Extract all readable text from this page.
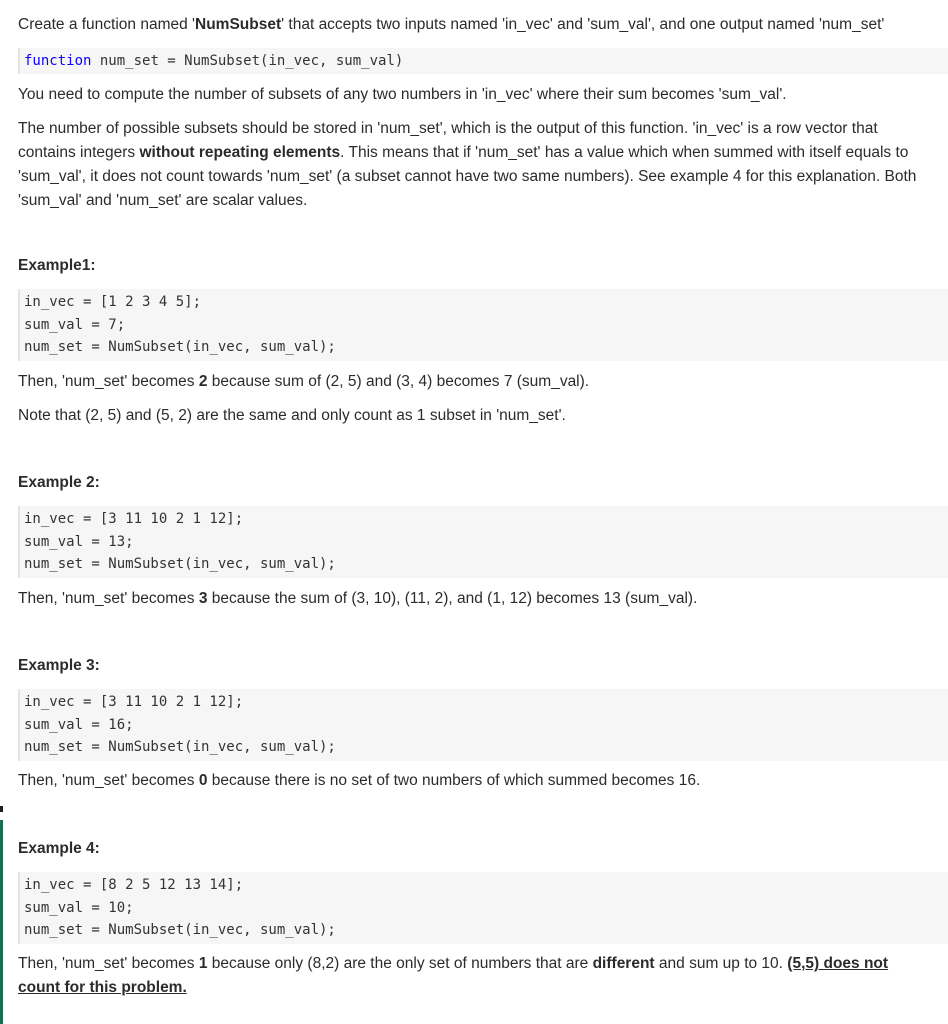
Create a function named 'NumSubset' that accepts two inputs named 'in_vec' and 'sum_val', and one output named 'num_set'
function num_set = NumSubset(in_vec, sum_val)
You need to compute the number of subsets of any two numbers in 'in_vec' where their sum becomes 'sum_val'.
The number of possible subsets should be stored in 'num_set', which is the output of this function. 'in_vec' is a row vector that contains integers without repeating elements. This means that if 'num_set' has a value which when summed with itself equals to 'sum_val', it does not count towards 'num_set' (a subset cannot have two same numbers). See example 4 for this explanation. Both 'sum_val' and 'num_set' are scalar values.
Example1:
in_vec = [1 2 3 4 5];
sum_val = 7;
num_set = NumSubset(in_vec, sum_val);
Then, 'num_set' becomes 2 because sum of (2, 5) and (3, 4) becomes 7 (sum_val).
Note that (2, 5) and (5, 2) are the same and only count as 1 subset in 'num_set'.
Example 2:
in_vec = [3 11 10 2 1 12];
sum_val = 13;
num_set = NumSubset(in_vec, sum_val);
Then, 'num_set' becomes 3 because the sum of (3, 10), (11, 2), and (1, 12) becomes 13 (sum_val).
Example 3:
in_vec = [3 11 10 2 1 12];
sum_val = 16;
num_set = NumSubset(in_vec, sum_val);
Then, 'num_set' becomes 0 because there is no set of two numbers of which summed becomes 16.
Example 4:
in_vec = [8 2 5 12 13 14];
sum_val = 10;
num_set = NumSubset(in_vec, sum_val);
Then, 'num_set' becomes 1 because only (8,2) are the only set of numbers that are different and sum up to 10. (5,5) does not count for this problem.
